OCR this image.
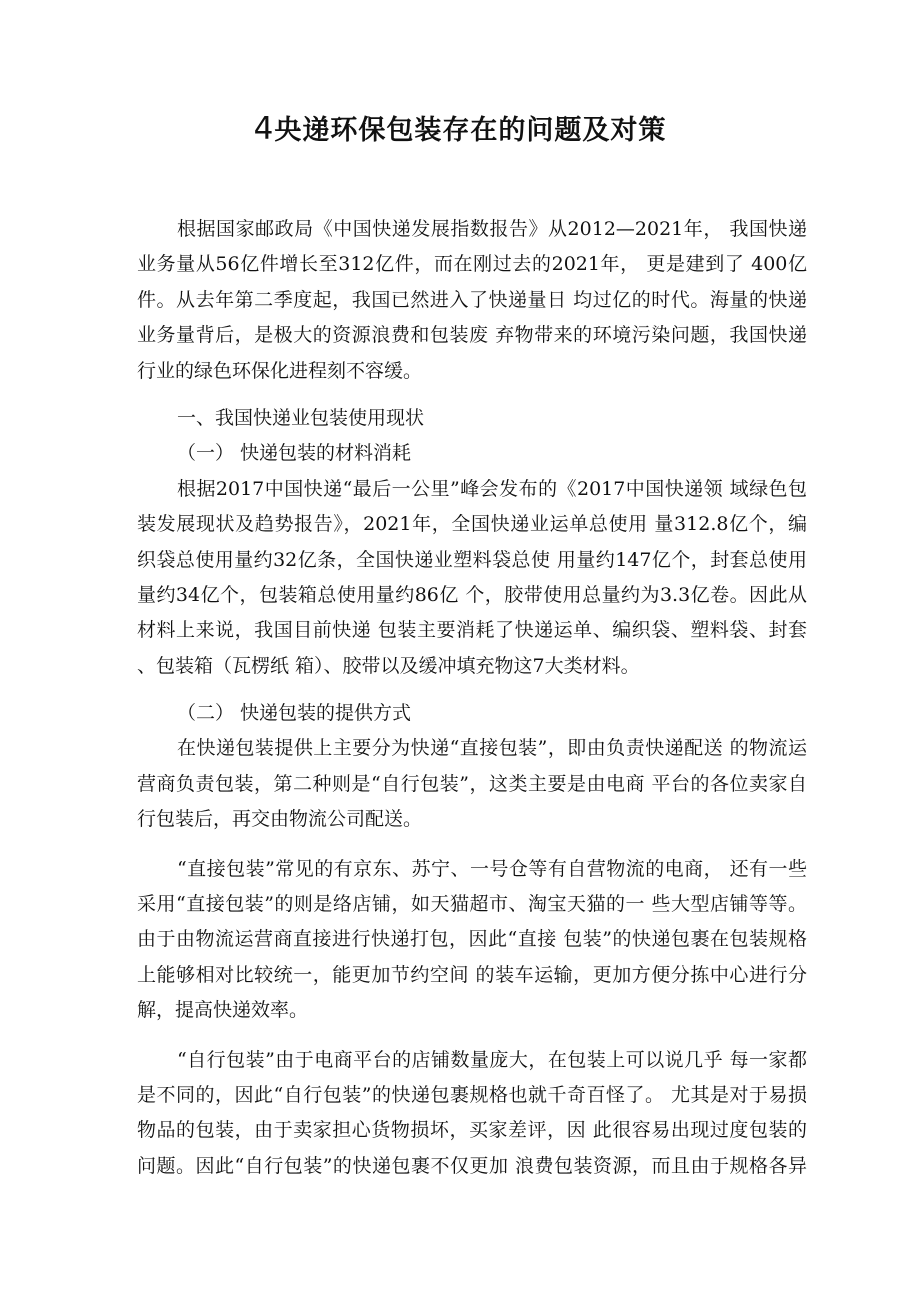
4央递环保包装存在的问题及对策
根据国家邮政局《中国快递发展指数报告》从2012—2021年， 我国快递
业务量从56亿件增长至312亿件，而在刚过去的2021年， 更是建到了 400亿
件。从去年第二季度起，我国已然进入了快递量日 均过亿的时代。海量的快递
业务量背后，是极大的资源浪费和包装废 弃物带来的环境污染问题，我国快递
行业的绿色环保化进程刻不容缓。
一、我国快递业包装使用现状
（一） 快递包装的材料消耗
根据2017中国快递“最后一公里”峰会发布的《2017中国快递领 域绿色包
装发展现状及趋势报告》，2021年，全国快递业运单总使用 量312.8亿个，编
织袋总使用量约32亿条，全国快递业塑料袋总使 用量约147亿个，封套总使用
量约34亿个，包装箱总使用量约86亿 个，胶带使用总量约为3.3亿卷。因此从
材料上来说，我国目前快递 包装主要消耗了快递运单、编织袋、塑料袋、封套
、包装箱（瓦楞纸 箱）、胶带以及缓冲填充物这7大类材料。
（二） 快递包装的提供方式
在快递包装提供上主要分为快递“直接包装”，即由负责快递配送 的物流运
营商负责包装，第二种则是“自行包装”，这类主要是由电商 平台的各位卖家自
行包装后，再交由物流公司配送。
“直接包装”常见的有京东、苏宁、一号仓等有自营物流的电商， 还有一些
采用“直接包装”的则是络店铺，如天猫超市、淘宝天猫的一 些大型店铺等等。
由于由物流运营商直接进行快递打包，因此“直接 包装”的快递包裹在包装规格
上能够相对比较统一，能更加节约空间 的装车运输，更加方便分拣中心进行分
解，提高快递效率。
“自行包装”由于电商平台的店铺数量庞大，在包装上可以说几乎 每一家都
是不同的，因此“自行包装”的快递包裹规格也就千奇百怪了。 尤其是对于易损
物品的包装，由于卖家担心货物损坏，买家差评，因 此很容易出现过度包装的
问题。因此“自行包装”的快递包裹不仅更加 浪费包装资源，而且由于规格各异
